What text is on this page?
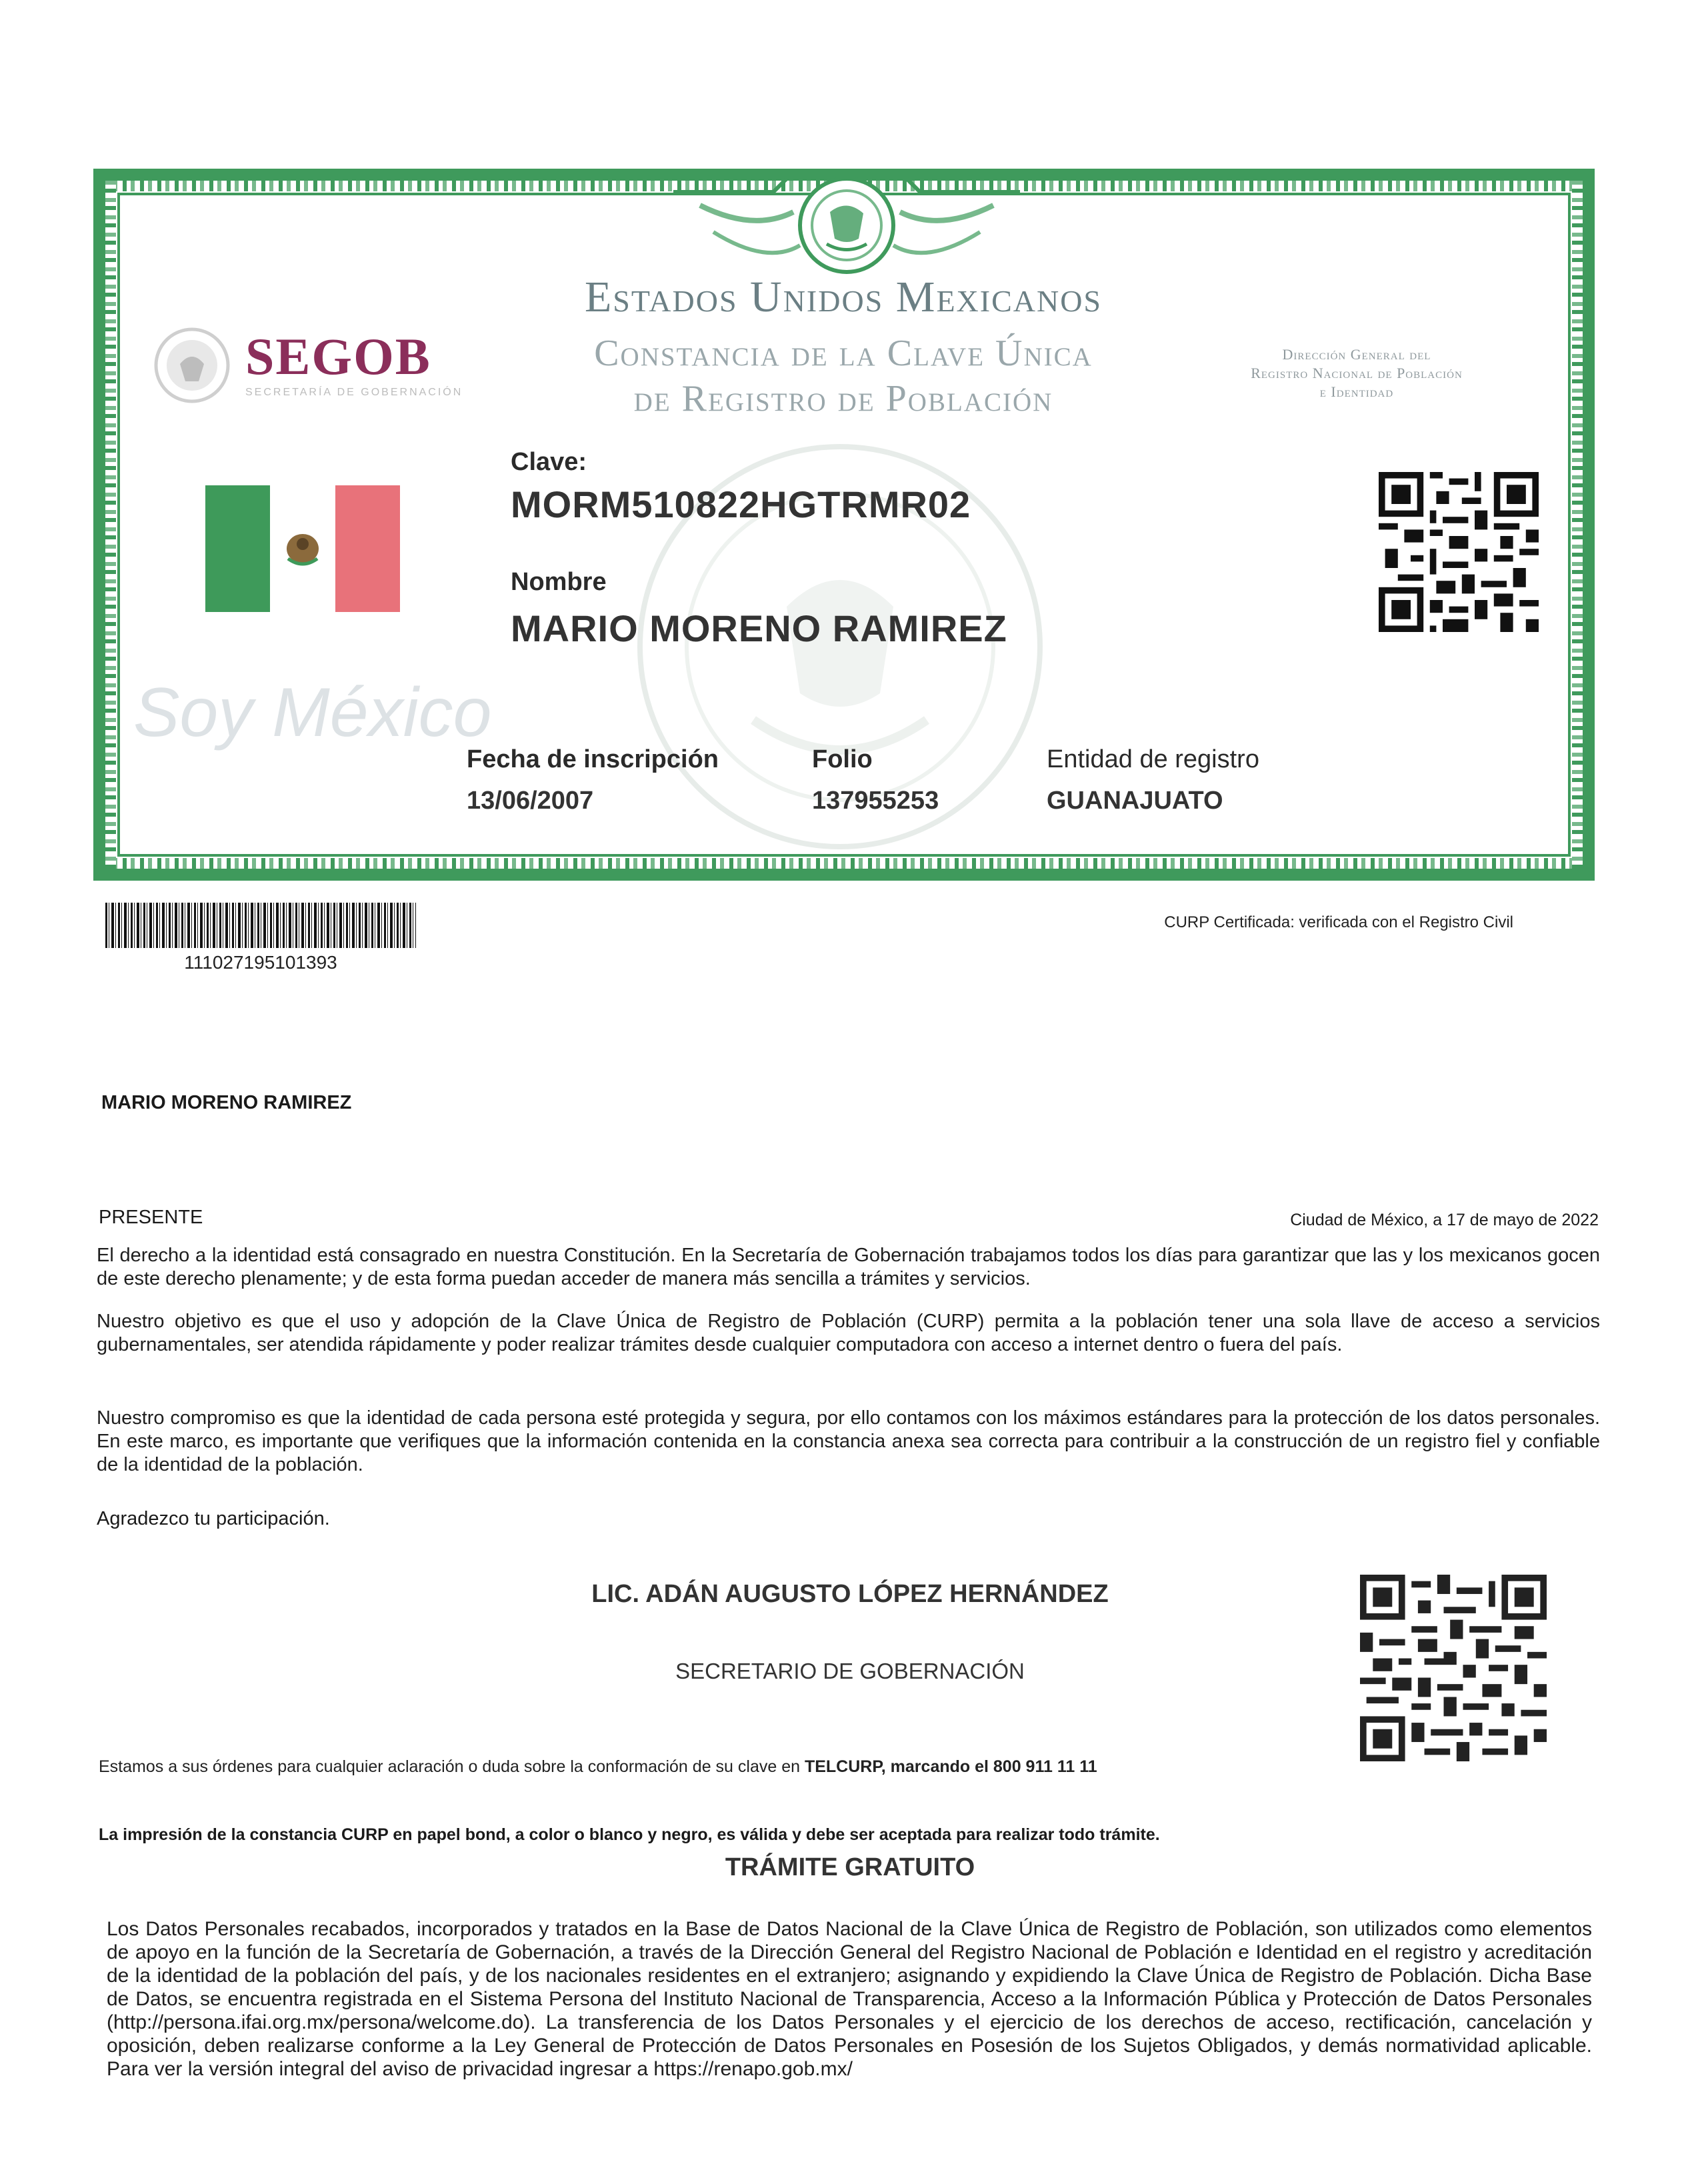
Estados Unidos Mexicanos
Constancia de la Clave Única
de Registro de Población
SEGOB
SECRETARÍA DE GOBERNACIÓN
Dirección General del
Registro Nacional de Población
e Identidad
Soy México
Clave:
MORM510822HGTRMR02
Nombre
MARIO MORENO RAMIREZ
Fecha de inscripción
13/06/2007
Folio
137955253
Entidad de registro
GUANAJUATO
111027195101393
CURP Certificada: verificada con el Registro Civil
MARIO MORENO RAMIREZ
PRESENTE	Ciudad de México, a 17 de mayo de 2022
El derecho a la identidad está consagrado en nuestra Constitución. En la Secretaría de Gobernación trabajamos todos los días para garantizar que las y los mexicanos gocen de este derecho plenamente; y de esta forma puedan acceder de manera más sencilla a trámites y servicios.
Nuestro objetivo es que el uso y adopción de la Clave Única de Registro de Población (CURP) permita a la población tener una sola llave de acceso a servicios gubernamentales, ser atendida rápidamente y poder realizar trámites desde cualquier computadora con acceso a internet dentro o fuera del país.
Nuestro compromiso es que la identidad de cada persona esté protegida y segura, por ello contamos con los máximos estándares para la protección de los datos personales. En este marco, es importante que verifiques que la información contenida en la constancia anexa sea correcta para contribuir a la construcción de un registro fiel y confiable de la identidad de la población.
Agradezco tu participación.
LIC. ADÁN AUGUSTO LÓPEZ HERNÁNDEZ
SECRETARIO DE GOBERNACIÓN
Estamos a sus órdenes para cualquier aclaración o duda sobre la conformación de su clave en TELCURP, marcando el 800 911 11 11
La impresión de la constancia CURP en papel bond, a color o blanco y negro, es válida y debe ser aceptada para realizar todo trámite.
TRÁMITE GRATUITO
Los Datos Personales recabados, incorporados y tratados en la Base de Datos Nacional de la Clave Única de Registro de Población, son utilizados como elementos de apoyo en la función de la Secretaría de Gobernación, a través de la Dirección General del Registro Nacional de Población e Identidad en el registro y acreditación de la identidad de la población del país, y de los nacionales residentes en el extranjero; asignando y expidiendo la Clave Única de Registro de Población. Dicha Base de Datos, se encuentra registrada en el Sistema Persona del Instituto Nacional de Transparencia, Acceso a la Información Pública y Protección de Datos Personales (http://persona.ifai.org.mx/persona/welcome.do). La transferencia de los Datos Personales y el ejercicio de los derechos de acceso, rectificación, cancelación y oposición, deben realizarse conforme a la Ley General de Protección de Datos Personales en Posesión de los Sujetos Obligados, y demás normatividad aplicable. Para ver la versión integral del aviso de privacidad ingresar a https://renapo.gob.mx/
